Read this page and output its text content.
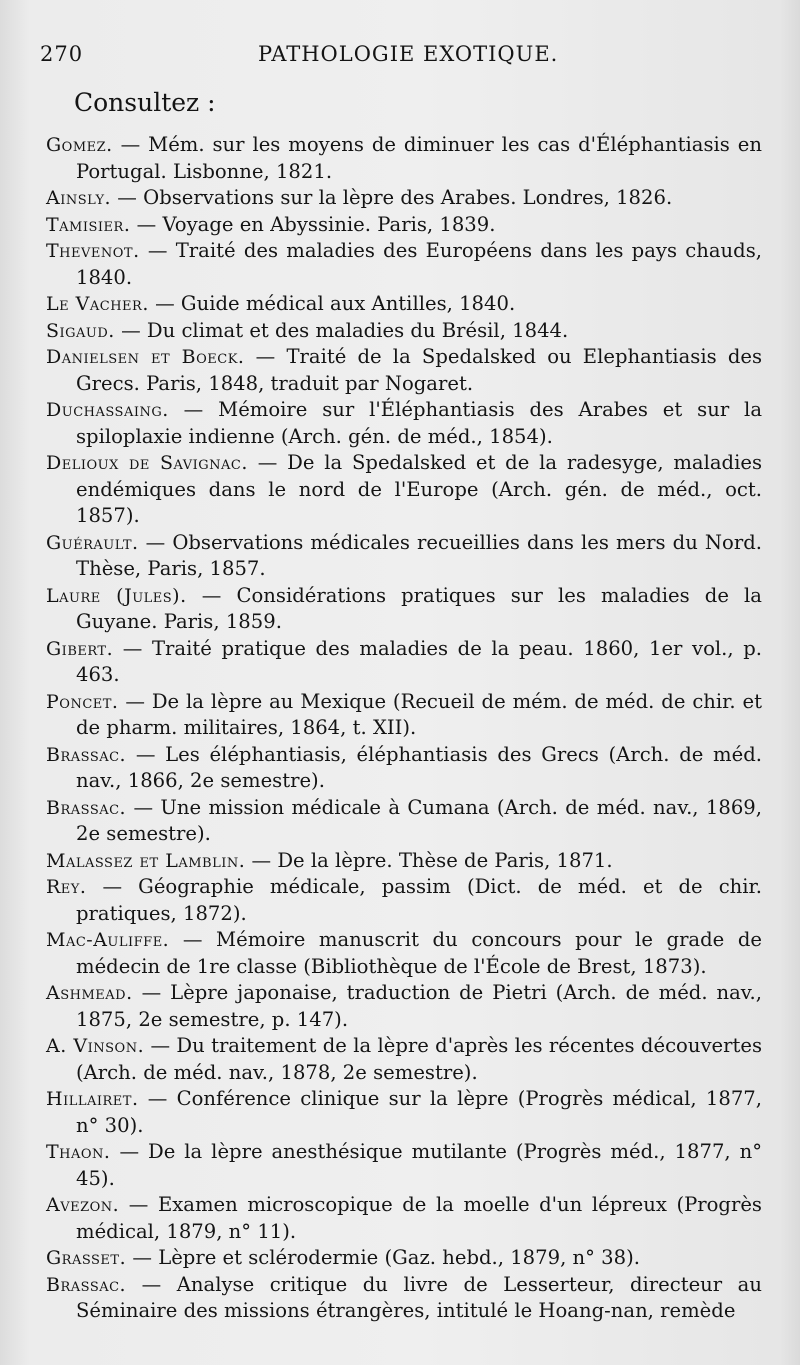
270	PATHOLOGIE EXOTIQUE.
Consultez :
Gomez. — Mém. sur les moyens de diminuer les cas d'Éléphantiasis en Portugal. Lisbonne, 1821.
Ainsly. — Observations sur la lèpre des Arabes. Londres, 1826.
Tamisier. — Voyage en Abyssinie. Paris, 1839.
Thevenot. — Traité des maladies des Européens dans les pays chauds, 1840.
Le Vacher. — Guide médical aux Antilles, 1840.
Sigaud. — Du climat et des maladies du Brésil, 1844.
Danielsen et Boeck. — Traité de la Spedalsked ou Elephantiasis des Grecs. Paris, 1848, traduit par Nogaret.
Duchassaing. — Mémoire sur l'Éléphantiasis des Arabes et sur la spiloplaxie indienne (Arch. gén. de méd., 1854).
Delioux de Savignac. — De la Spedalsked et de la radesyge, maladies endémiques dans le nord de l'Europe (Arch. gén. de méd., oct. 1857).
Guérault. — Observations médicales recueillies dans les mers du Nord. Thèse, Paris, 1857.
Laure (Jules). — Considérations pratiques sur les maladies de la Guyane. Paris, 1859.
Gibert. — Traité pratique des maladies de la peau. 1860, 1er vol., p. 463.
Poncet. — De la lèpre au Mexique (Recueil de mém. de méd. de chir. et de pharm. militaires, 1864, t. XII).
Brassac. — Les éléphantiasis, éléphantiasis des Grecs (Arch. de méd. nav., 1866, 2e semestre).
Brassac. — Une mission médicale à Cumana (Arch. de méd. nav., 1869, 2e semestre).
Malassez et Lamblin. — De la lèpre. Thèse de Paris, 1871.
Rey. — Géographie médicale, passim (Dict. de méd. et de chir. pratiques, 1872).
Mac-Auliffe. — Mémoire manuscrit du concours pour le grade de médecin de 1re classe (Bibliothèque de l'École de Brest, 1873).
Ashmead. — Lèpre japonaise, traduction de Pietri (Arch. de méd. nav., 1875, 2e semestre, p. 147).
A. Vinson. — Du traitement de la lèpre d'après les récentes découvertes (Arch. de méd. nav., 1878, 2e semestre).
Hillairet. — Conférence clinique sur la lèpre (Progrès médical, 1877, n° 30).
Thaon. — De la lèpre anesthésique mutilante (Progrès méd., 1877, n° 45).
Avezon. — Examen microscopique de la moelle d'un lépreux (Progrès médical, 1879, n° 11).
Grasset. — Lèpre et sclérodermie (Gaz. hebd., 1879, n° 38).
Brassac. — Analyse critique du livre de Lesserteur, directeur au Séminaire des missions étrangères, intitulé le Hoang-nan, remède
